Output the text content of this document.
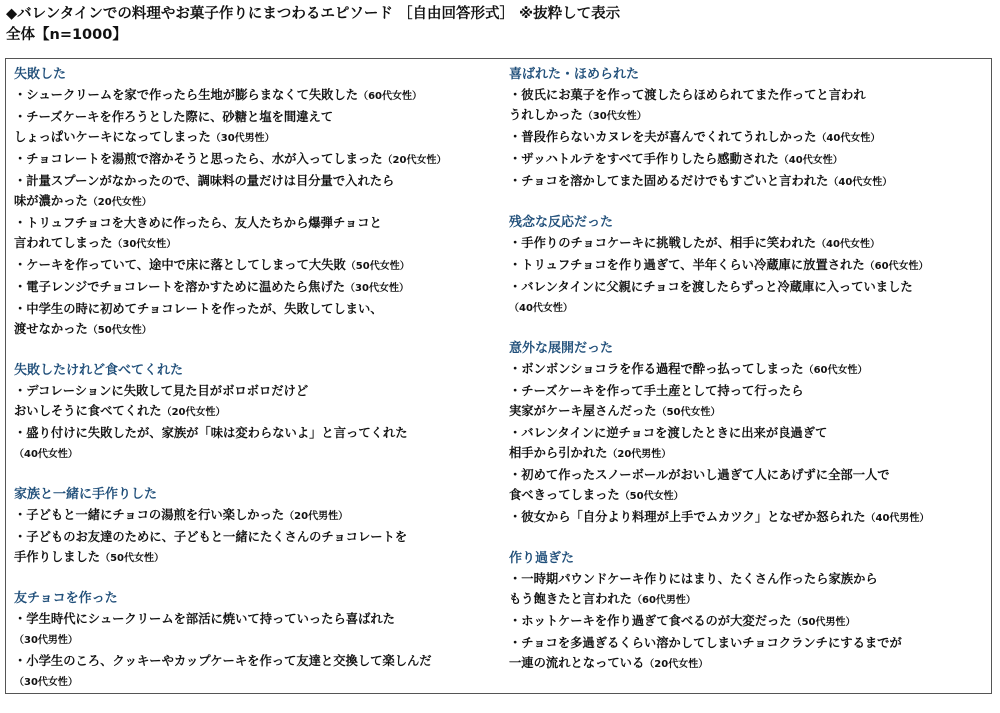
◆バレンタインでの料理やお菓子作りにまつわるエピソード ［自由回答形式］ ※抜粋して表示
全体【n=1000】
失敗した
・シュークリームを家で作ったら生地が膨らまなくて失敗した（60代女性）
・チーズケーキを作ろうとした際に、砂糖と塩を間違えて
しょっぱいケーキになってしまった（30代男性）
・チョコレートを湯煎で溶かそうと思ったら、水が入ってしまった（20代女性）
・計量スプーンがなかったので、調味料の量だけは目分量で入れたら
味が濃かった（20代女性）
・トリュフチョコを大きめに作ったら、友人たちから爆弾チョコと
言われてしまった（30代女性）
・ケーキを作っていて、途中で床に落としてしまって大失敗（50代女性）
・電子レンジでチョコレートを溶かすために温めたら焦げた（30代女性）
・中学生の時に初めてチョコレートを作ったが、失敗してしまい、
渡せなかった（50代女性）
失敗したけれど食べてくれた
・デコレーションに失敗して見た目がボロボロだけど
おいしそうに食べてくれた（20代女性）
・盛り付けに失敗したが、家族が「味は変わらないよ」と言ってくれた
（40代女性）
家族と一緒に手作りした
・子どもと一緒にチョコの湯煎を行い楽しかった（20代男性）
・子どものお友達のために、子どもと一緒にたくさんのチョコレートを
手作りしました（50代女性）
友チョコを作った
・学生時代にシュークリームを部活に焼いて持っていったら喜ばれた
（30代男性）
・小学生のころ、クッキーやカップケーキを作って友達と交換して楽しんだ
（30代女性）
喜ばれた・ほめられた
・彼氏にお菓子を作って渡したらほめられてまた作ってと言われ
うれしかった（30代女性）
・普段作らないカヌレを夫が喜んでくれてうれしかった（40代女性）
・ザッハトルテをすべて手作りしたら感動された（40代女性）
・チョコを溶かしてまた固めるだけでもすごいと言われた（40代女性）
残念な反応だった
・手作りのチョコケーキに挑戦したが、相手に笑われた（40代女性）
・トリュフチョコを作り過ぎて、半年くらい冷蔵庫に放置された（60代女性）
・バレンタインに父親にチョコを渡したらずっと冷蔵庫に入っていました
（40代女性）
意外な展開だった
・ボンボンショコラを作る過程で酔っ払ってしまった（60代女性）
・チーズケーキを作って手土産として持って行ったら
実家がケーキ屋さんだった（50代女性）
・バレンタインに逆チョコを渡したときに出来が良過ぎて
相手から引かれた（20代男性）
・初めて作ったスノーボールがおいし過ぎて人にあげずに全部一人で
食べきってしまった（50代女性）
・彼女から「自分より料理が上手でムカツク」となぜか怒られた（40代男性）
作り過ぎた
・一時期パウンドケーキ作りにはまり、たくさん作ったら家族から
もう飽きたと言われた（60代男性）
・ホットケーキを作り過ぎて食べるのが大変だった（50代男性）
・チョコを多過ぎるくらい溶かしてしまいチョコクランチにするまでが
一連の流れとなっている（20代女性）
